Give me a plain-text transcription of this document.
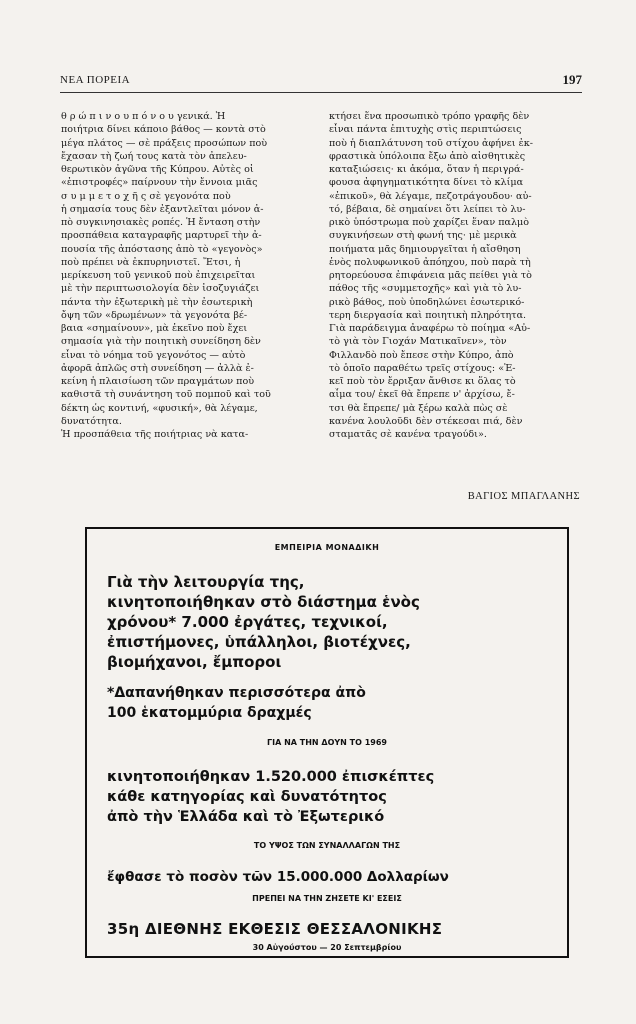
ΝΕΑ ΠΟΡΕΙΑ	197
θ ρ ώ π ι ν ο υ π ό ν ο υ γενικά. Ἡ
ποιήτρια δίνει κάποιο βάθος — κοντὰ στὸ
μέγα πλάτος — σὲ πράξεις προσώπων ποὺ
ἔχασαν τὴ ζωή τους κατὰ τὸν ἀπελευ-
θερωτικὸν ἀγῶνα τῆς Κύπρου. Αὐτὲς οἱ
«ἐπιστροφές» παίρνουν τὴν ἔννοια μιᾶς
σ υ μ μ ε τ ο χ ῆ ς σὲ γεγονότα ποὺ
ἡ σημασία τους δὲν ἐξαντλεῖται μόνον ἀ-
πὸ συγκινησιακὲς ροπές. Ἡ ἔνταση στὴν
προσπάθεια καταγραφῆς μαρτυρεῖ τὴν ἀ-
πουσία τῆς ἀπόστασης ἀπὸ τὸ «γεγονὸς»
ποὺ πρέπει νὰ ἐκπυρηνιστεῖ. Ἔτσι, ἡ
μερίκευση τοῦ γενικοῦ ποὺ ἐπιχειρεῖται
μὲ τὴν περιπτωσιολογία δὲν ἰσοζυγιάζει
πάντα τὴν ἐξωτερικὴ μὲ τὴν ἐσωτερικὴ
ὄψη τῶν «δρωμένων» τὰ γεγονότα βέ-
βαια «σημαίνουν», μὰ ἐκεῖνο ποὺ ἔχει
σημασία γιὰ τὴν ποιητικὴ συνείδηση δὲν
εἶναι τὸ νόημα τοῦ γεγονότος — αὐτὸ
ἀφορᾶ ἁπλῶς στὴ συνείδηση — ἀλλὰ ἐ-
κείνη ἡ πλαισίωση τῶν πραγμάτων ποὺ
καθιστᾶ τὴ συνάντηση τοῦ πομποῦ καὶ τοῦ
δέκτη ὡς κοντινή, «φυσική», θὰ λέγαμε,
δυνατότητα.
Ἡ προσπάθεια τῆς ποιήτριας νὰ κατα-
κτήσει ἕνα προσωπικὸ τρόπο γραφῆς δὲν
εἶναι πάντα ἐπιτυχὴς στὶς περιπτώσεις
ποὺ ἡ διαπλάτυνση τοῦ στίχου ἀφήνει ἐκ-
φραστικὰ ὑπόλοιπα ἔξω ἀπὸ αἰσθητικὲς
καταξιώσεις· κι ἀκόμα, ὅταν ἡ περιγρά-
φουσα ἀφηγηματικότητα δίνει τὸ κλίμα
«ἐπικοῦ», θὰ λέγαμε, πεζοτράγουδου· αὐ-
τό, βέβαια, δὲ σημαίνει ὅτι λείπει τὸ λυ-
ρικὸ ὑπόστρωμα ποὺ χαρίζει ἕναν παλμὸ
συγκινήσεων στὴ φωνή της· μὲ μερικὰ
ποιήματα μᾶς δημιουργεῖται ἡ αἴσθηση
ἑνὸς πολυφωνικοῦ ἀπόηχου, ποὺ παρὰ τὴ
ρητορεύουσα ἐπιφάνεια μᾶς πείθει γιὰ τὸ
πάθος τῆς «συμμετοχῆς» καὶ γιὰ τὸ λυ-
ρικὸ βάθος, ποὺ ὑποδηλώνει ἐσωτερικό-
τερη διεργασία καὶ ποιητικὴ πληρότητα.
Γιὰ παράδειγμα ἀναφέρω τὸ ποίημα «Αὐ-
τὸ γιὰ τὸν Γιοχάν Ματικαῖνεν», τὸν
Φιλλανδὸ ποὺ ἔπεσε στὴν Κύπρο, ἀπὸ
τὸ ὁποῖο παραθέτω τρεῖς στίχους: «Ἐ-
κεῖ ποὺ τὸν ἔρριξαν ἄνθισε κι ὅλας τὸ
αἷμα του/ ἐκεῖ θὰ ἔπρεπε ν' ἀρχίσω, ἔ-
τσι θὰ ἔπρεπε/ μὰ ξέρω καλὰ πὼς σὲ
κανένα λουλοῦδι δὲν στέκεσαι πιά, δὲν
σταματᾶς σὲ κανένα τραγούδι».
ΒΑΓΙΟΣ ΜΠΑΓΛΑΝΗΣ
ΕΜΠΕΙΡΙΑ ΜΟΝΑΔΙΚΗ
Γιὰ τὴν λειτουργία της,
κινητοποιήθηκαν στὸ διάστημα ἑνὸς
χρόνου* 7.000 ἐργάτες, τεχνικοί,
ἐπιστήμονες, ὑπάλληλοι, βιοτέχνες,
βιομήχανοι, ἔμποροι
*Δαπανήθηκαν περισσότερα ἀπὸ
100 ἑκατομμύρια δραχμές
ΓΙΑ ΝΑ ΤΗΝ ΔΟΥΝ ΤΟ 1969
κινητοποιήθηκαν 1.520.000 ἐπισκέπτες
κάθε κατηγορίας καὶ δυνατότητος
ἀπὸ τὴν Ἑλλάδα καὶ τὸ Ἐξωτερικό
ΤΟ ΥΨΟΣ ΤΩΝ ΣΥΝΑΛΛΑΓΩΝ ΤΗΣ
ἔφθασε τὸ ποσὸν τῶν 15.000.000 Δολλαρίων
ΠΡΕΠΕΙ ΝΑ ΤΗΝ ΖΗΣΕΤΕ ΚΙ' ΕΣΕΙΣ
35η ΔΙΕΘΝΗΣ ΕΚΘΕΣΙΣ ΘΕΣΣΑΛΟΝΙΚΗΣ
30 Αὐγούστου — 20 Σεπτεμβρίου
